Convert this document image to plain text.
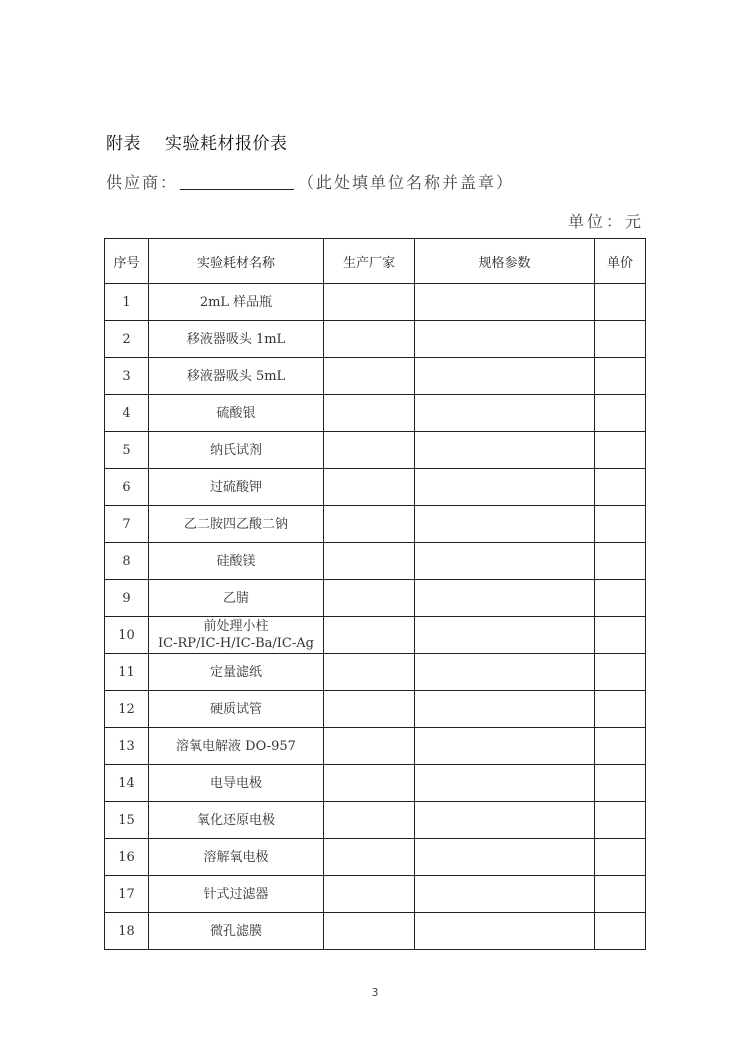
附表 实验耗材报价表
供应商：	（此处填单位名称并盖章）
单位：元
序号	实验耗材名称	生产厂家	规格参数	单价
1	2mL 样品瓶			

2	移液器吸头 1mL			

3	移液器吸头 5mL			

4	硫酸银			

5	纳氏试剂			

6	过硫酸钾			

7	乙二胺四乙酸二钠			

8	硅酸镁			

9	乙腈			

10	前处理小柱
IC-RP/IC-H/IC-Ba/IC-Ag			

11	定量滤纸			

12	硬质试管			

13	溶氧电解液 DO-957			

14	电导电极			

15	氧化还原电极			

16	溶解氧电极			

17	针式过滤器			

18	微孔滤膜			

3
